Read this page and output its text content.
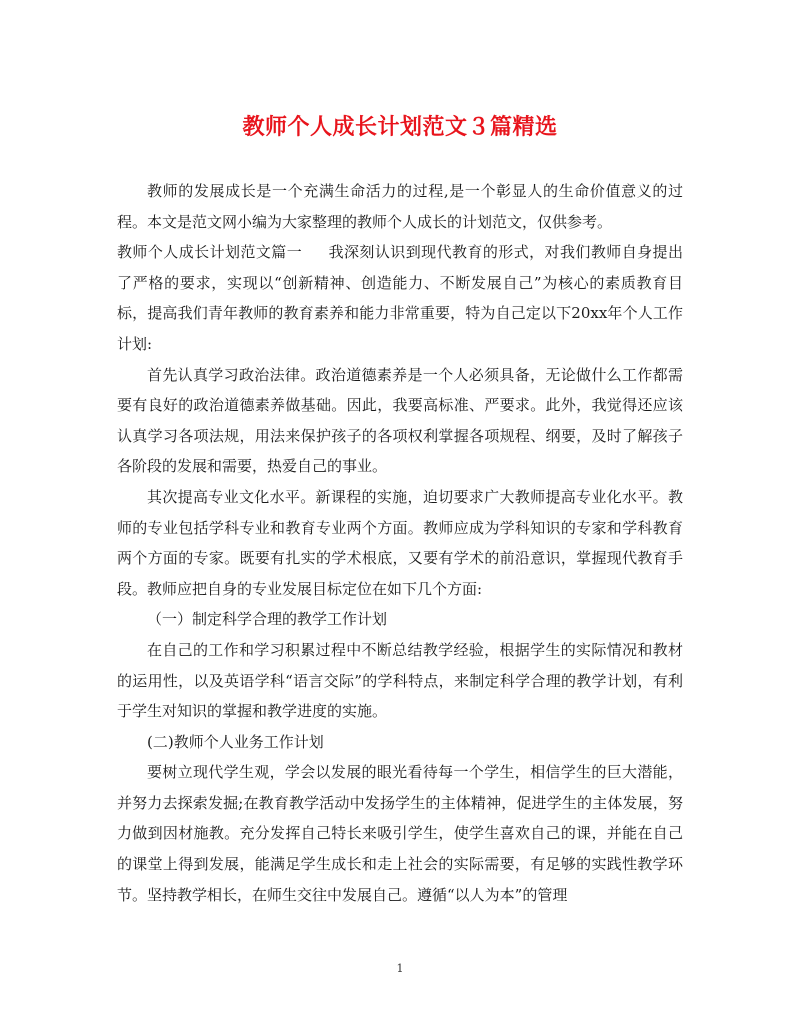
教师个人成长计划范文３篇精选

教师的发展成长是一个充满生命活力的过程,是一个彰显人的生命价值意义的过程。本文是范文网小编为大家整理的教师个人成长的计划范文，仅供参考。

教师个人成长计划范文篇一 我深刻认识到现代教育的形式，对我们教师自身提出了严格的要求，实现以“创新精神、创造能力、不断发展自己”为核心的素质教育目标，提高我们青年教师的教育素养和能力非常重要，特为自己定以下20xx年个人工作计划:

首先认真学习政治法律。政治道德素养是一个人必须具备，无论做什么工作都需要有良好的政治道德素养做基础。因此，我要高标准、严要求。此外，我觉得还应该认真学习各项法规，用法来保护孩子的各项权利掌握各项规程、纲要，及时了解孩子各阶段的发展和需要，热爱自己的事业。

其次提高专业文化水平。新课程的实施，迫切要求广大教师提高专业化水平。教师的专业包括学科专业和教育专业两个方面。教师应成为学科知识的专家和学科教育两个方面的专家。既要有扎实的学术根底，又要有学术的前沿意识，掌握现代教育手段。教师应把自身的专业发展目标定位在如下几个方面:

（一）制定科学合理的教学工作计划

在自己的工作和学习积累过程中不断总结教学经验，根据学生的实际情况和教材的运用性，以及英语学科“语言交际”的学科特点，来制定科学合理的教学计划，有利于学生对知识的掌握和教学进度的实施。

(二)教师个人业务工作计划

要树立现代学生观，学会以发展的眼光看待每一个学生，相信学生的巨大潜能，并努力去探索发掘;在教育教学活动中发扬学生的主体精神，促进学生的主体发展，努力做到因材施教。充分发挥自己特长来吸引学生，使学生喜欢自己的课，并能在自己的课堂上得到发展，能满足学生成长和走上社会的实际需要，有足够的实践性教学环节。坚持教学相长，在师生交往中发展自己。遵循“以人为本”的管理

1
